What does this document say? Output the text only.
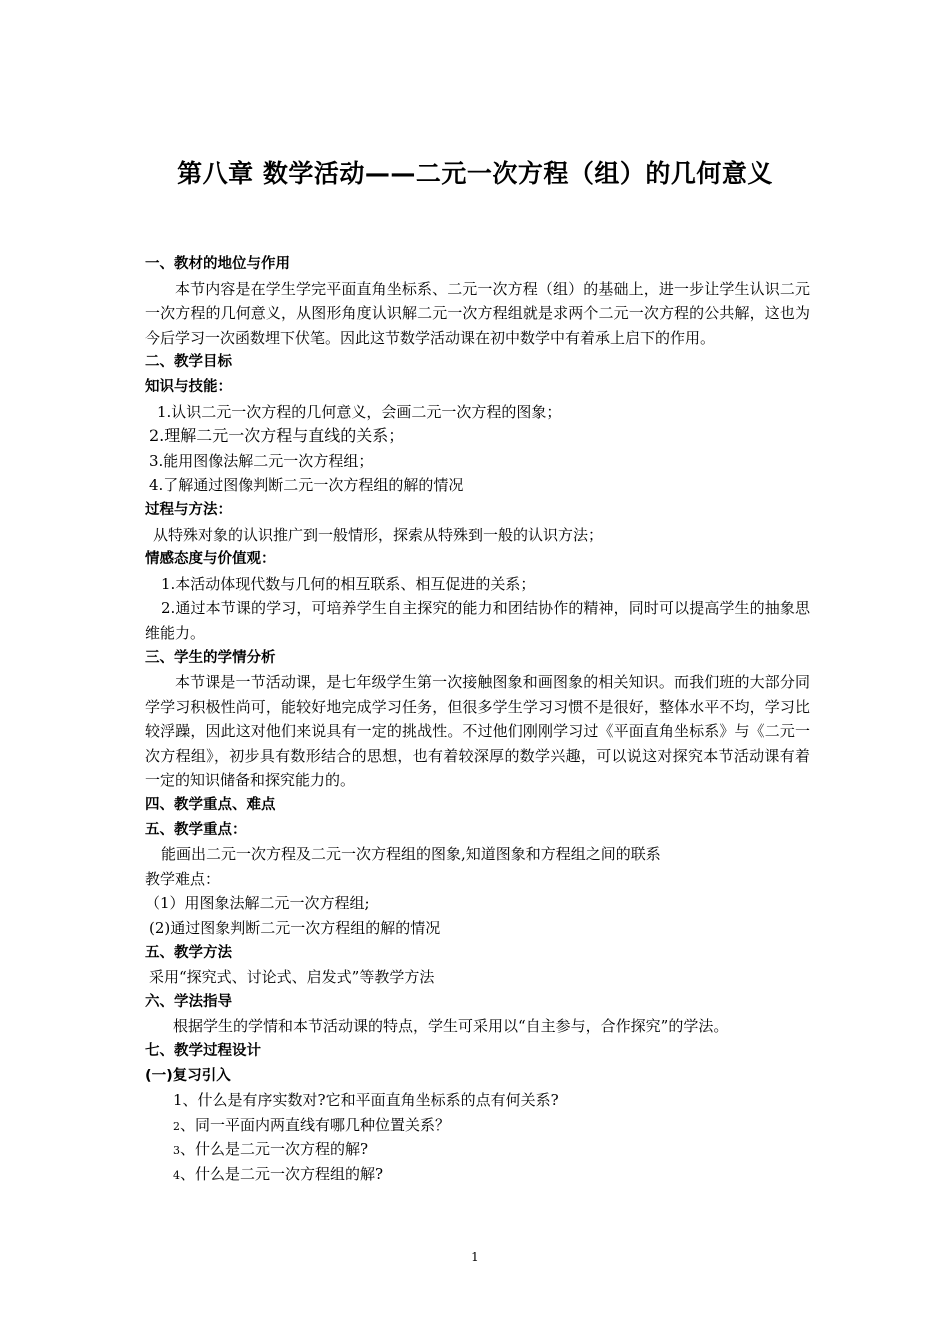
第八章 数学活动——二元一次方程（组）的几何意义
一、教材的地位与作用
本节内容是在学生学完平面直角坐标系、二元一次方程（组）的基础上，进一步让学生认识二元一次方程的几何意义，从图形角度认识解二元一次方程组就是求两个二元一次方程的公共解，这也为今后学习一次函数埋下伏笔。因此这节数学活动课在初中数学中有着承上启下的作用。
二、教学目标
知识与技能：
1.认识二元一次方程的几何意义，会画二元一次方程的图象；
2.理解二元一次方程与直线的关系；
3.能用图像法解二元一次方程组；
4.了解通过图像判断二元一次方程组的解的情况
过程与方法：
从特殊对象的认识推广到一般情形，探索从特殊到一般的认识方法；
情感态度与价值观：
1.本活动体现代数与几何的相互联系、相互促进的关系；
2.通过本节课的学习，可培养学生自主探究的能力和团结协作的精神，同时可以提高学生的抽象思维能力。
三、学生的学情分析
本节课是一节活动课，是七年级学生第一次接触图象和画图象的相关知识。而我们班的大部分同学学习积极性尚可，能较好地完成学习任务，但很多学生学习习惯不是很好，整体水平不均，学习比较浮躁，因此这对他们来说具有一定的挑战性。不过他们刚刚学习过《平面直角坐标系》与《二元一次方程组》，初步具有数形结合的思想，也有着较深厚的数学兴趣，可以说这对探究本节活动课有着一定的知识储备和探究能力的。
四、教学重点、难点
五、教学重点：
能画出二元一次方程及二元一次方程组的图象,知道图象和方程组之间的联系
教学难点：
（1）用图象法解二元一次方程组;
(2)通过图象判断二元一次方程组的解的情况
五、教学方法
采用“探究式、讨论式、启发式”等教学方法
六、学法指导
根据学生的学情和本节活动课的特点，学生可采用以“自主参与，合作探究”的学法。
七、教学过程设计
(一)复习引入
1、什么是有序实数对?它和平面直角坐标系的点有何关系?
2、同一平面内两直线有哪几种位置关系？
3、什么是二元一次方程的解?
4、什么是二元一次方程组的解?
1
